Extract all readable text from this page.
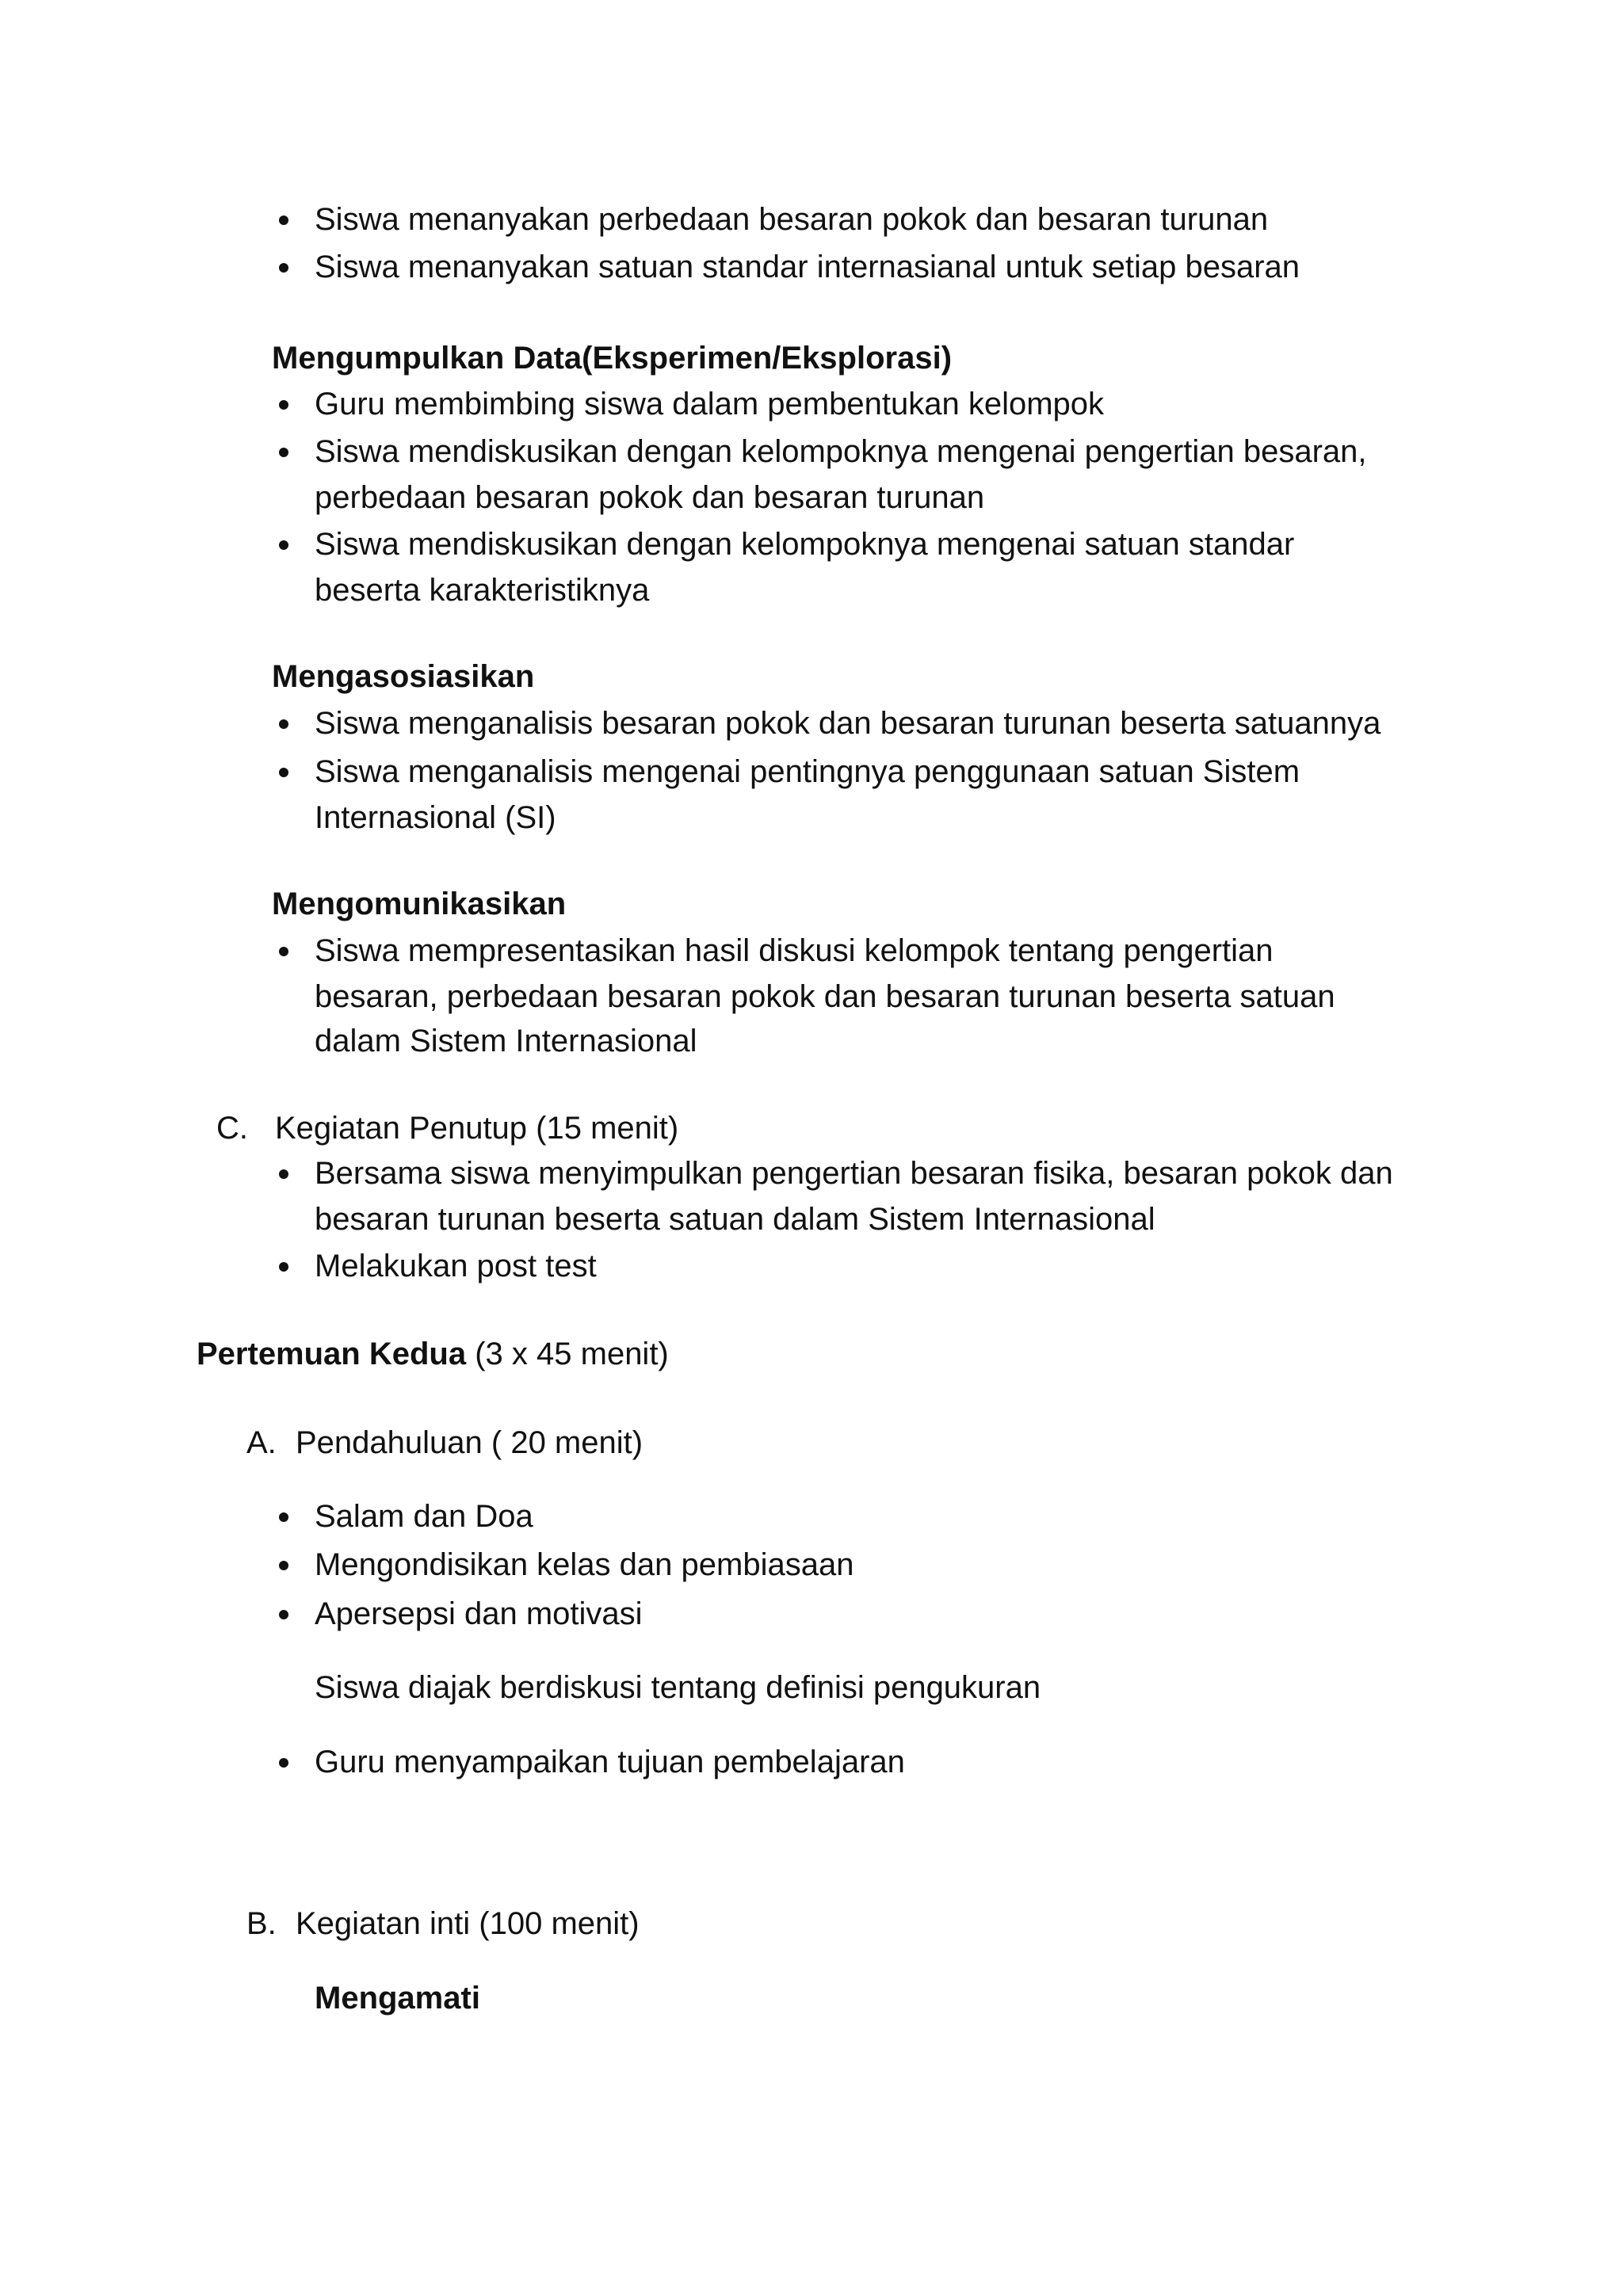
Siswa menanyakan perbedaan besaran pokok dan besaran turunan
Siswa menanyakan satuan standar internasianal untuk setiap besaran
Mengumpulkan Data(Eksperimen/Eksplorasi)
Guru membimbing siswa dalam pembentukan kelompok
Siswa mendiskusikan dengan kelompoknya mengenai pengertian besaran,
perbedaan besaran pokok dan besaran turunan
Siswa mendiskusikan dengan kelompoknya mengenai satuan standar
beserta karakteristiknya
Mengasosiasikan
Siswa menganalisis besaran pokok dan besaran turunan beserta satuannya
Siswa menganalisis mengenai pentingnya penggunaan satuan Sistem
Internasional (SI)
Mengomunikasikan
Siswa mempresentasikan hasil diskusi kelompok tentang pengertian
besaran, perbedaan besaran pokok dan besaran turunan beserta satuan
dalam Sistem Internasional
C. Kegiatan Penutup (15 menit)
Bersama siswa menyimpulkan pengertian besaran fisika, besaran pokok dan
besaran turunan beserta satuan dalam Sistem Internasional
Melakukan post test
Pertemuan Kedua (3 x 45 menit)
A. Pendahuluan ( 20 menit)
Salam dan Doa
Mengondisikan kelas dan pembiasaan
Apersepsi dan motivasi
Siswa diajak berdiskusi tentang definisi pengukuran
Guru menyampaikan tujuan pembelajaran
B. Kegiatan inti (100 menit)
Mengamati
